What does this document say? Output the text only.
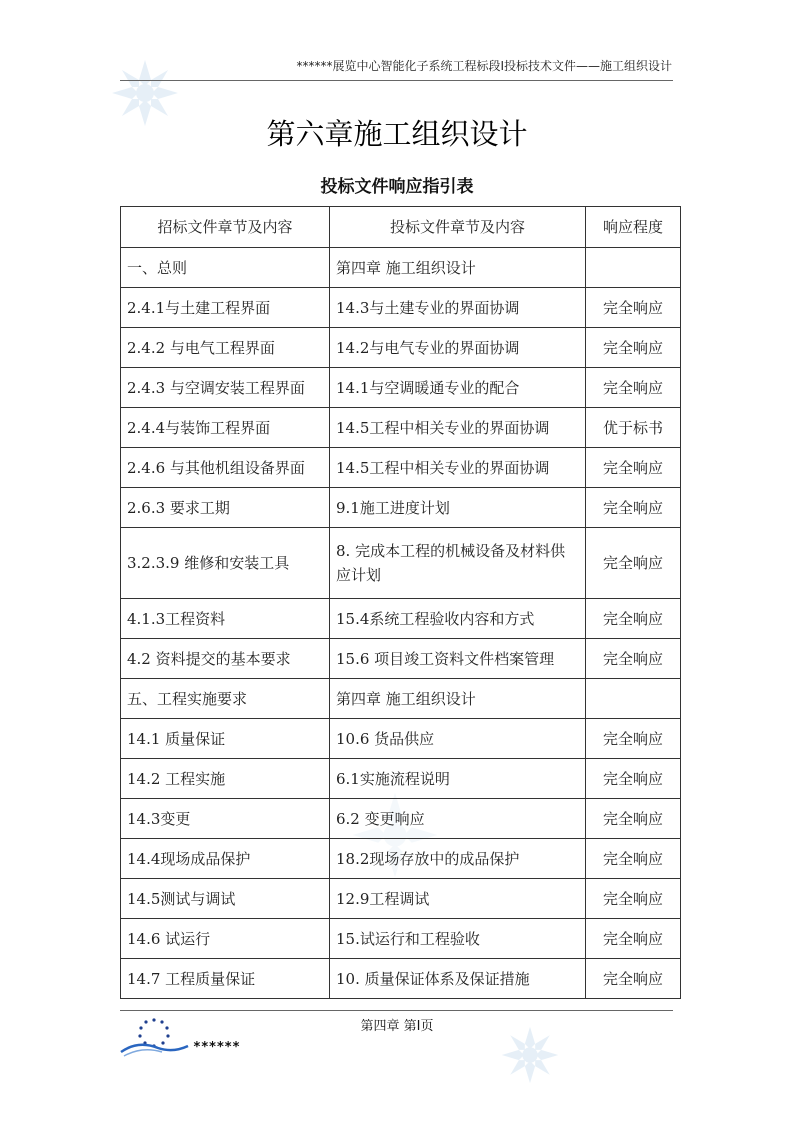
******展览中心智能化子系统工程标段Ⅰ投标技术文件——施工组织设计
第六章施工组织设计
投标文件响应指引表
招标文件章节及内容	投标文件章节及内容	响应程度
一、总则	第四章 施工组织设计	
2.4.1与土建工程界面	14.3与土建专业的界面协调	完全响应
2.4.2 与电气工程界面	14.2与电气专业的界面协调	完全响应
2.4.3 与空调安装工程界面	14.1与空调暖通专业的配合	完全响应
2.4.4与装饰工程界面	14.5工程中相关专业的界面协调	优于标书
2.4.6 与其他机组设备界面	14.5工程中相关专业的界面协调	完全响应
2.6.3 要求工期	9.1施工进度计划	完全响应
3.2.3.9 维修和安装工具	8. 完成本工程的机械设备及材料供应计划	完全响应
4.1.3工程资料	15.4系统工程验收内容和方式	完全响应
4.2 资料提交的基本要求	15.6 项目竣工资料文件档案管理	完全响应
五、工程实施要求	第四章 施工组织设计	
14.1 质量保证	10.6 货品供应	完全响应
14.2 工程实施	6.1实施流程说明	完全响应
14.3变更	6.2 变更响应	完全响应
14.4现场成品保护	18.2现场存放中的成品保护	完全响应
14.5测试与调试	12.9工程调试	完全响应
14.6 试运行	15.试运行和工程验收	完全响应
14.7 工程质量保证	10. 质量保证体系及保证措施	完全响应
第四章 第I页
******
